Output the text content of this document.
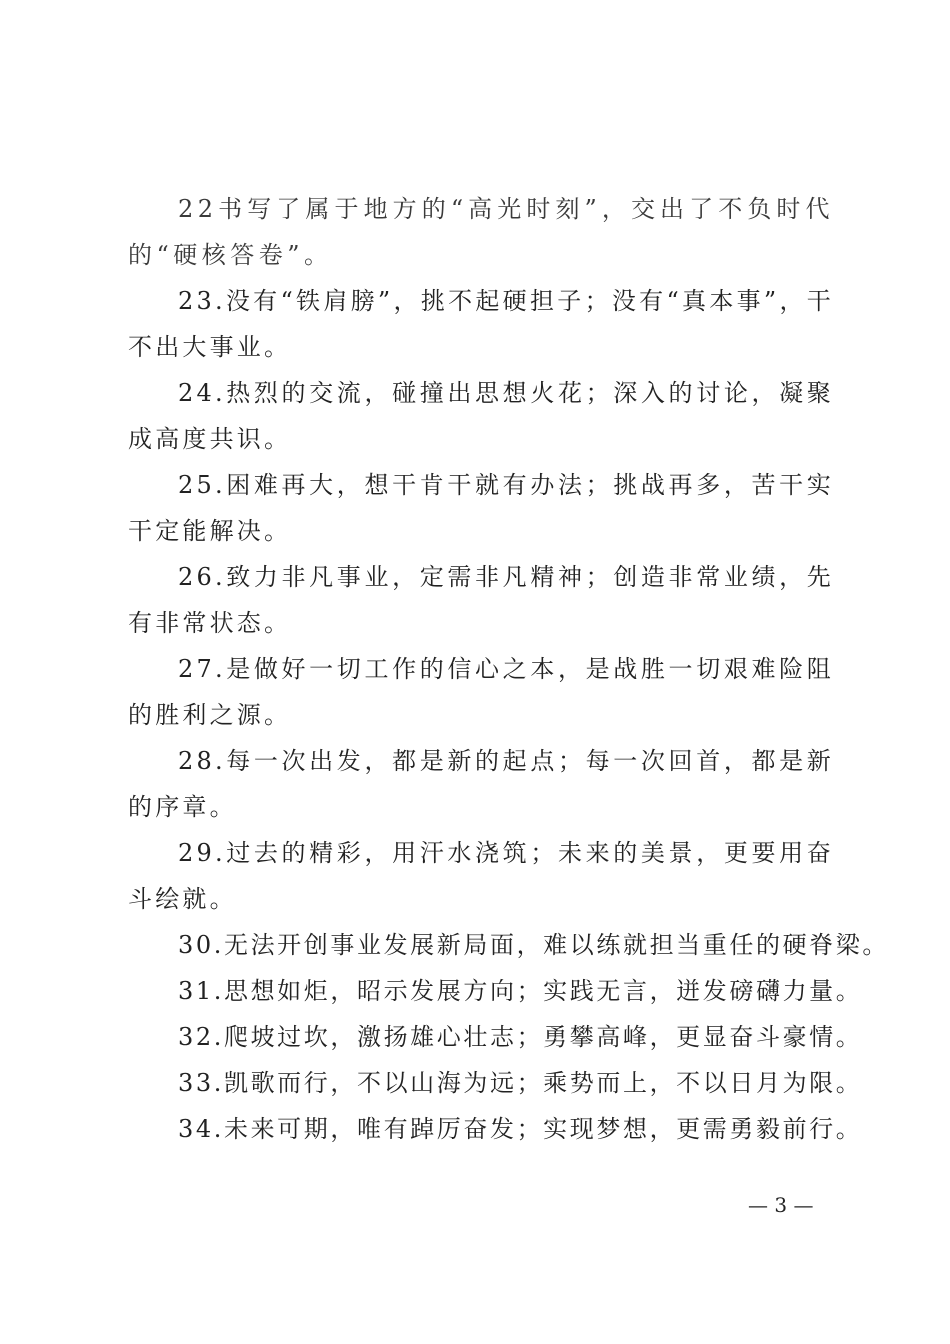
22书写了属于地方的“高光时刻”，交出了不负时代的“硬核答卷”。

23.没有“铁肩膀”，挑不起硬担子；没有“真本事”，干不出大事业。

24.热烈的交流，碰撞出思想火花；深入的讨论，凝聚成高度共识。

25.困难再大，想干肯干就有办法；挑战再多，苦干实干定能解决。

26.致力非凡事业，定需非凡精神；创造非常业绩，先有非常状态。

27.是做好一切工作的信心之本，是战胜一切艰难险阻的胜利之源。

28.每一次出发，都是新的起点；每一次回首，都是新的序章。

29.过去的精彩，用汗水浇筑；未来的美景，更要用奋斗绘就。

30.无法开创事业发展新局面，难以练就担当重任的硬脊梁。

31.思想如炬，昭示发展方向；实践无言，迸发磅礴力量。

32.爬坡过坎，激扬雄心壮志；勇攀高峰，更显奋斗豪情。

33.凯歌而行，不以山海为远；乘势而上，不以日月为限。

34.未来可期，唯有踔厉奋发；实现梦想，更需勇毅前行。

— 3 —
